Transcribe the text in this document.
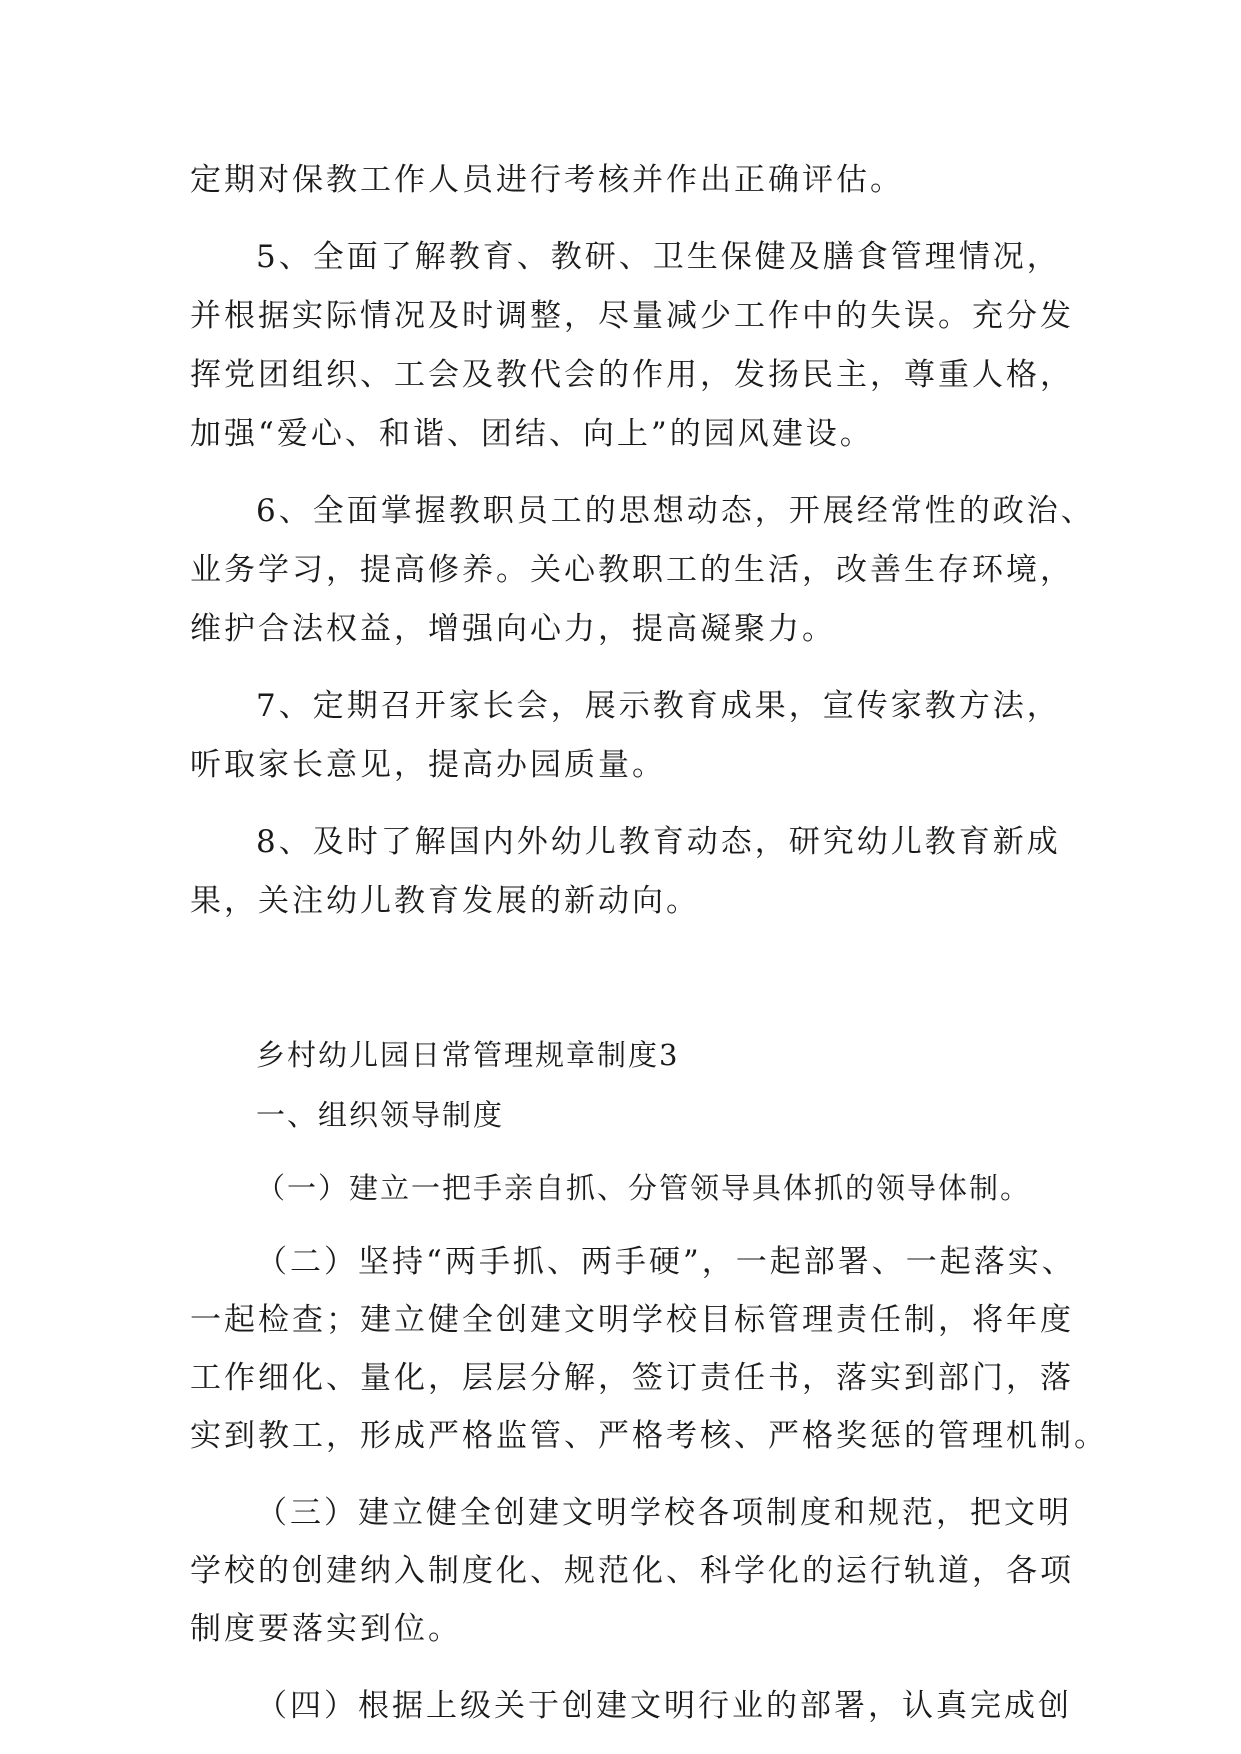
定期对保教工作人员进行考核并作出正确评估。
5、全面了解教育、教研、卫生保健及膳食管理情况，
并根据实际情况及时调整，尽量减少工作中的失误。充分发
挥党团组织、工会及教代会的作用，发扬民主，尊重人格，
加强“爱心、和谐、团结、向上”的园风建设。
6、全面掌握教职员工的思想动态，开展经常性的政治、
业务学习，提高修养。关心教职工的生活，改善生存环境，
维护合法权益，增强向心力，提高凝聚力。
7、定期召开家长会，展示教育成果，宣传家教方法，
听取家长意见，提高办园质量。
8、及时了解国内外幼儿教育动态，研究幼儿教育新成
果，关注幼儿教育发展的新动向。
乡村幼儿园日常管理规章制度3
一、组织领导制度
（一）建立一把手亲自抓、分管领导具体抓的领导体制。
（二）坚持“两手抓、两手硬”，一起部署、一起落实、
一起检查；建立健全创建文明学校目标管理责任制，将年度
工作细化、量化，层层分解，签订责任书，落实到部门，落
实到教工，形成严格监管、严格考核、严格奖惩的管理机制。
（三）建立健全创建文明学校各项制度和规范，把文明
学校的创建纳入制度化、规范化、科学化的运行轨道，各项
制度要落实到位。
（四）根据上级关于创建文明行业的部署，认真完成创
